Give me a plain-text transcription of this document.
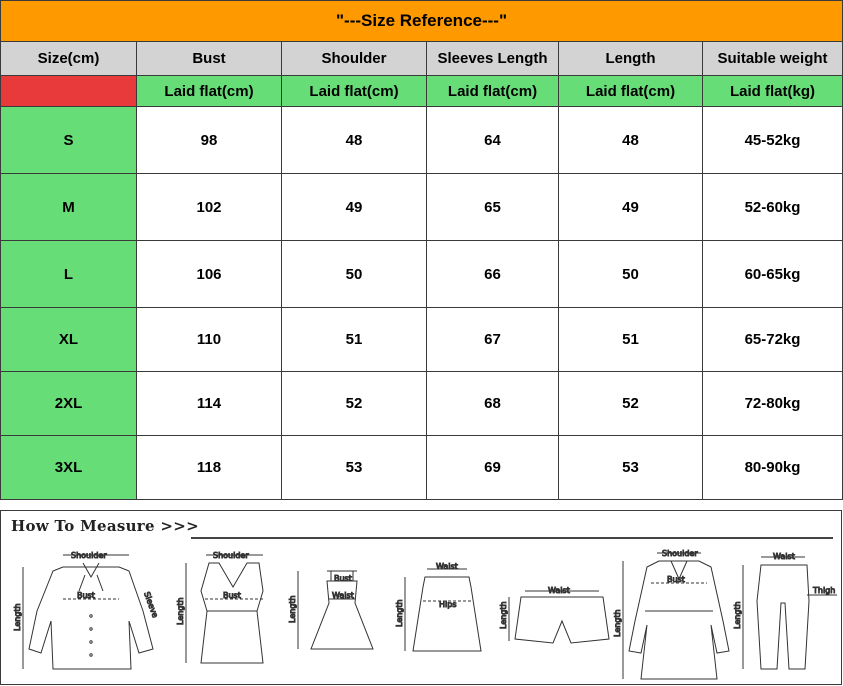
"---Size Reference---"					
Size(cm)	Bust	Shoulder	Sleeves Length	Length	Suitable weight
	Laid flat(cm)	Laid flat(cm)	Laid flat(cm)	Laid flat(cm)	Laid flat(kg)
S	98	48	64	48	45-52kg
M	102	49	65	49	52-60kg
L	106	50	66	50	60-65kg
XL	110	51	67	51	65-72kg
2XL	114	52	68	52	72-80kg
3XL	118	53	69	53	80-90kg
How To Measure >>>
Shoulder
Bust
Length	Sleeve
Shoulder
Bust
Length
Bust
Waist
Length
Waist
Hips
Length
Waist
Length
Shoulder
Bust
Length
Waist
Thigh
Length
